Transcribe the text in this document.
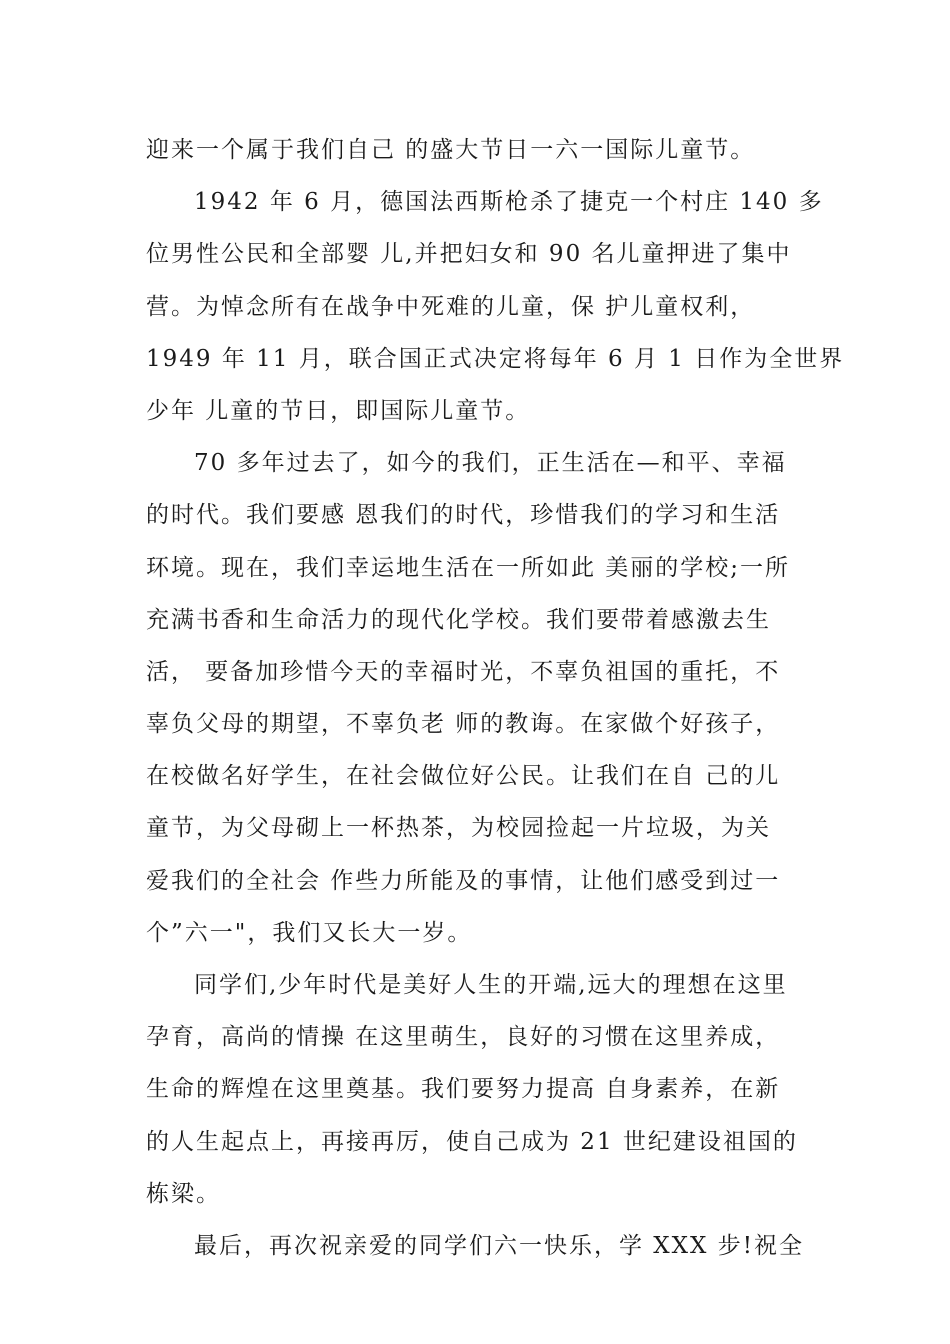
迎来一个属于我们自己 的盛大节日一六一国际儿童节。
1942 年 6 月，德国法西斯枪杀了捷克一个村庄 140 多
位男性公民和全部婴 儿,并把妇女和 90 名儿童押进了集中
营。为悼念所有在战争中死难的儿童，保 护儿童权利，
1949 年 11 月，联合国正式决定将每年 6 月 1 日作为全世界
少年 儿童的节日，即国际儿童节。
70 多年过去了，如今的我们，正生活在—和平、幸福
的时代。我们要感 恩我们的时代，珍惜我们的学习和生活
环境。现在，我们幸运地生活在一所如此 美丽的学校;一所
充满书香和生命活力的现代化学校。我们要带着感激去生
活， 要备加珍惜今天的幸福时光，不辜负祖国的重托，不
辜负父母的期望，不辜负老 师的教诲。在家做个好孩子，
在校做名好学生，在社会做位好公民。让我们在自 己的儿
童节，为父母砌上一杯热茶，为校园捡起一片垃圾，为关
爱我们的全社会 作些力所能及的事情，让他们感受到过一
个”六一"，我们又长大一岁。
同学们,少年时代是美好人生的开端,远大的理想在这里
孕育，高尚的情操 在这里萌生，良好的习惯在这里养成，
生命的辉煌在这里奠基。我们要努力提高 自身素养，在新
的人生起点上，再接再厉，使自己成为 21 世纪建设祖国的
栋梁。
最后，再次祝亲爱的同学们六一快乐，学 XXX 步!祝全
